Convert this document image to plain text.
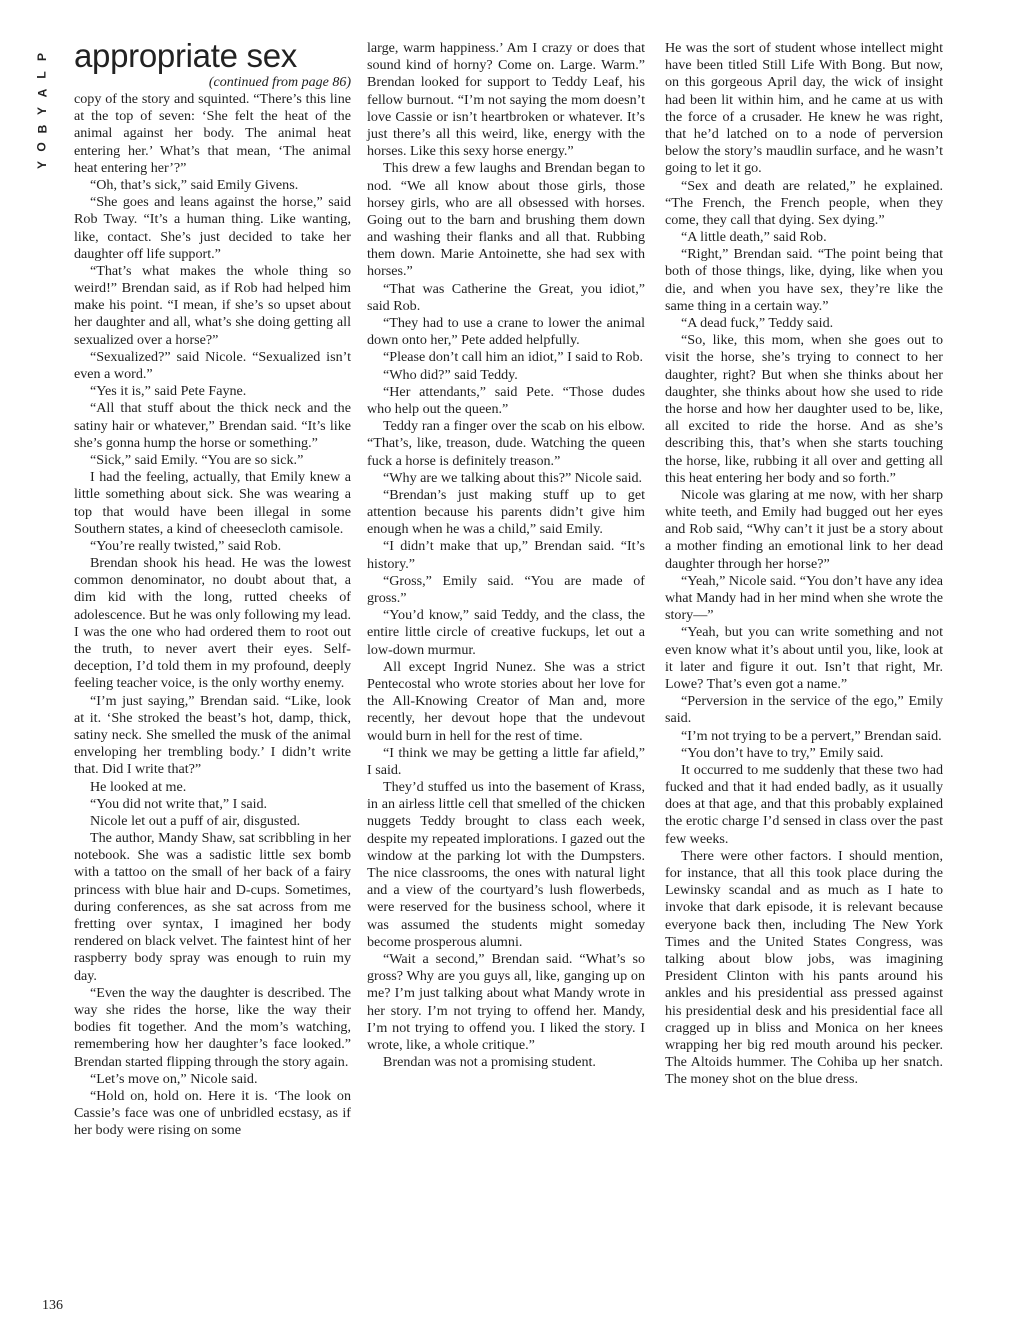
P
L
A
Y
B
O
Y
appropriate sex
(continued from page 86)

copy of the story and squinted. “There’s this line at the top of seven: ‘She felt the heat of the animal against her body. The animal heat entering her.’ What’s that mean, ‘The animal heat entering her’?”

“Oh, that’s sick,” said Emily Givens.

“She goes and leans against the horse,” said Rob Tway. “It’s a human thing. Like wanting, like, contact. She’s just decided to take her daughter off life support.”

“That’s what makes the whole thing so weird!” Brendan said, as if Rob had helped him make his point. “I mean, if she’s so upset about her daughter and all, what’s she doing getting all sexualized over a horse?”

“Sexualized?” said Nicole. “Sexualized isn’t even a word.”

“Yes it is,” said Pete Fayne.

“All that stuff about the thick neck and the satiny hair or whatever,” Brendan said. “It’s like she’s gonna hump the horse or something.”

“Sick,” said Emily. “You are so sick.”

I had the feeling, actually, that Emily knew a little something about sick. She was wearing a top that would have been illegal in some Southern states, a kind of cheesecloth camisole.

“You’re really twisted,” said Rob.

Brendan shook his head. He was the lowest common denominator, no doubt about that, a dim kid with the long, rutted cheeks of adolescence. But he was only following my lead. I was the one who had ordered them to root out the truth, to never avert their eyes. Self-deception, I’d told them in my profound, deeply feeling teacher voice, is the only worthy enemy.

“I’m just saying,” Brendan said. “Like, look at it. ‘She stroked the beast’s hot, damp, thick, satiny neck. She smelled the musk of the animal enveloping her trembling body.’ I didn’t write that. Did I write that?”

He looked at me.

“You did not write that,” I said.

Nicole let out a puff of air, disgusted.

The author, Mandy Shaw, sat scribbling in her notebook. She was a sadistic little sex bomb with a tattoo on the small of her back of a fairy princess with blue hair and D-cups. Sometimes, during conferences, as she sat across from me fretting over syntax, I imagined her body rendered on black velvet. The faintest hint of her raspberry body spray was enough to ruin my day.

“Even the way the daughter is described. The way she rides the horse, like the way their bodies fit together. And the mom’s watching, remembering how her daughter’s face looked.” Brendan started flipping through the story again.

“Let’s move on,” Nicole said.

“Hold on, hold on. Here it is. ‘The look on Cassie’s face was one of unbridled ecstasy, as if her body were rising on some

large, warm happiness.’ Am I crazy or does that sound kind of horny? Come on. Large. Warm.” Brendan looked for support to Teddy Leaf, his fellow burnout. “I’m not saying the mom doesn’t love Cassie or isn’t heartbroken or whatever. It’s just there’s all this weird, like, energy with the horses. Like this sexy horse energy.”

This drew a few laughs and Brendan began to nod. “We all know about those girls, those horsey girls, who are all obsessed with horses. Going out to the barn and brushing them down and washing their flanks and all that. Rubbing them down. Marie Antoinette, she had sex with horses.”

“That was Catherine the Great, you idiot,” said Rob.

“They had to use a crane to lower the animal down onto her,” Pete added helpfully.

“Please don’t call him an idiot,” I said to Rob.

“Who did?” said Teddy.

“Her attendants,” said Pete. “Those dudes who help out the queen.”

Teddy ran a finger over the scab on his elbow. “That’s, like, treason, dude. Watching the queen fuck a horse is definitely treason.”

“Why are we talking about this?” Nicole said.

“Brendan’s just making stuff up to get attention because his parents didn’t give him enough when he was a child,” said Emily.

“I didn’t make that up,” Brendan said. “It’s history.”

“Gross,” Emily said. “You are made of gross.”

“You’d know,” said Teddy, and the class, the entire little circle of creative fuckups, let out a low-down murmur.

All except Ingrid Nunez. She was a strict Pentecostal who wrote stories about her love for the All-Knowing Creator of Man and, more recently, her devout hope that the undevout would burn in hell for the rest of time.

“I think we may be getting a little far afield,” I said.

They’d stuffed us into the basement of Krass, in an airless little cell that smelled of the chicken nuggets Teddy brought to class each week, despite my repeated implorations. I gazed out the window at the parking lot with the Dumpsters. The nice classrooms, the ones with natural light and a view of the courtyard’s lush flowerbeds, were reserved for the business school, where it was assumed the students might someday become prosperous alumni.

“Wait a second,” Brendan said. “What’s so gross? Why are you guys all, like, ganging up on me? I’m just talking about what Mandy wrote in her story. I’m not trying to offend her. Mandy, I’m not trying to offend you. I liked the story. I wrote, like, a whole critique.”

Brendan was not a promising student.

He was the sort of student whose intellect might have been titled Still Life With Bong. But now, on this gorgeous April day, the wick of insight had been lit within him, and he came at us with the force of a crusader. He knew he was right, that he’d latched on to a node of perversion below the story’s maudlin surface, and he wasn’t going to let it go.

“Sex and death are related,” he explained. “The French, the French people, when they come, they call that dying. Sex dying.”

“A little death,” said Rob.

“Right,” Brendan said. “The point being that both of those things, like, dying, like when you die, and when you have sex, they’re like the same thing in a certain way.”

“A dead fuck,” Teddy said.

“So, like, this mom, when she goes out to visit the horse, she’s trying to connect to her daughter, right? But when she thinks about her daughter, she thinks about how she used to ride the horse and how her daughter used to be, like, all excited to ride the horse. And as she’s describing this, that’s when she starts touching the horse, like, rubbing it all over and getting all this heat entering her body and so forth.”

Nicole was glaring at me now, with her sharp white teeth, and Emily had bugged out her eyes and Rob said, “Why can’t it just be a story about a mother finding an emotional link to her dead daughter through her horse?”

“Yeah,” Nicole said. “You don’t have any idea what Mandy had in her mind when she wrote the story—”

“Yeah, but you can write something and not even know what it’s about until you, like, look at it later and figure it out. Isn’t that right, Mr. Lowe? That’s even got a name.”

“Perversion in the service of the ego,” Emily said.

“I’m not trying to be a pervert,” Brendan said.

“You don’t have to try,” Emily said.

It occurred to me suddenly that these two had fucked and that it had ended badly, as it usually does at that age, and that this probably explained the erotic charge I’d sensed in class over the past few weeks.

There were other factors. I should mention, for instance, that all this took place during the Lewinsky scandal and as much as I hate to invoke that dark episode, it is relevant because everyone back then, including The New York Times and the United States Congress, was talking about blow jobs, was imagining President Clinton with his pants around his ankles and his presidential ass pressed against his presidential desk and his presidential face all cragged up in bliss and Monica on her knees wrapping her big red mouth around his pecker. The Altoids hummer. The Cohiba up her snatch. The money shot on the blue dress.

136
